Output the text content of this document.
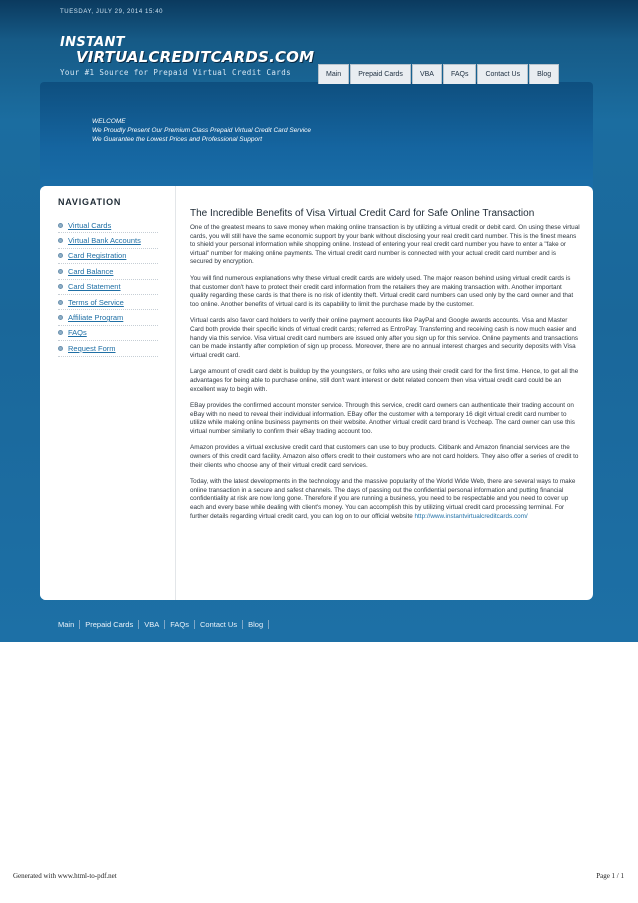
TUESDAY, JULY 29, 2014 15:40
INSTANT
VIRTUALCREDITCARDS.COM
Your #1 Source for Prepaid Virtual Credit Cards
WELCOME
We Proudly Present Our Premium Class Prepaid Virtual Credit Card Service
We Guarantee the Lowest Prices and Professional Support
Main	Prepaid Cards	VBA	FAQs	Contact Us	Blog
NAVIGATION
Virtual Cards
Virtual Bank Accounts
Card Registration
Card Balance
Card Statement
Terms of Service
Affiliate Program
FAQs
Request Form
The Incredible Benefits of Visa Virtual Credit Card for Safe Online Transaction

One of the greatest means to save money when making online transaction is by utilizing a virtual credit or debit card. On using these virtual cards, you will still have the same economic support by your bank without disclosing your real credit card number. This is the finest means to shield your personal information while shopping online. Instead of entering your real credit card number you have to enter a "fake or virtual" number for making online payments. The virtual credit card number is connected with your actual credit card number and is secured by encryption.

You will find numerous explanations why these virtual credit cards are widely used. The major reason behind using virtual credit cards is that customer don't have to protect their credit card information from the retailers they are making transaction with. Another important quality regarding these cards is that there is no risk of identity theft. Virtual credit card numbers can used only by the card owner and that too online. Another benefits of virtual card is its capability to limit the purchase made by the customer.

Virtual cards also favor card holders to verify their online payment accounts like PayPal and Google awards accounts. Visa and Master Card both provide their specific kinds of virtual credit cards; referred as EntroPay. Transferring and receiving cash is now much easier and handy via this service. Visa virtual credit card numbers are issued only after you sign up for this service. Online payments and transactions can be made instantly after completion of sign up process. Moreover, there are no annual interest charges and security deposits with Visa virtual credit card.

Large amount of credit card debt is buildup by the youngsters, or folks who are using their credit card for the first time. Hence, to get all the advantages for being able to purchase online, still don't want interest or debt related concern then visa virtual credit card could be an excellent way to begin with.

EBay provides the confirmed account monster service. Through this service, credit card owners can authenticate their trading account on eBay with no need to reveal their individual information. EBay offer the customer with a temporary 16 digit virtual credit card number to utilize while making online business payments on their website. Another virtual credit card brand is Vccheap. The card owner can use this virtual number similarly to confirm their eBay trading account too.

Amazon provides a virtual exclusive credit card that customers can use to buy products. Citibank and Amazon financial services are the owners of this credit card facility. Amazon also offers credit to their customers who are not card holders. They also offer a series of credit to their clients who choose any of their virtual credit card services.

Today, with the latest developments in the technology and the massive popularity of the World Wide Web, there are several ways to make online transaction in a secure and safest channels. The days of passing out the confidential personal information and putting financial confidentiality at risk are now long gone. Therefore if you are running a business, you need to be respectable and you need to cover up each and every base while dealing with client's money. You can accomplish this by utilizing virtual credit card processing terminal. For further details regarding virtual credit card, you can log on to our official website http://www.instantvirtualcreditcards.com/

Main	Prepaid Cards	VBA	FAQs	Contact Us	Blog
Generated with www.html-to-pdf.net	Page 1 / 1
